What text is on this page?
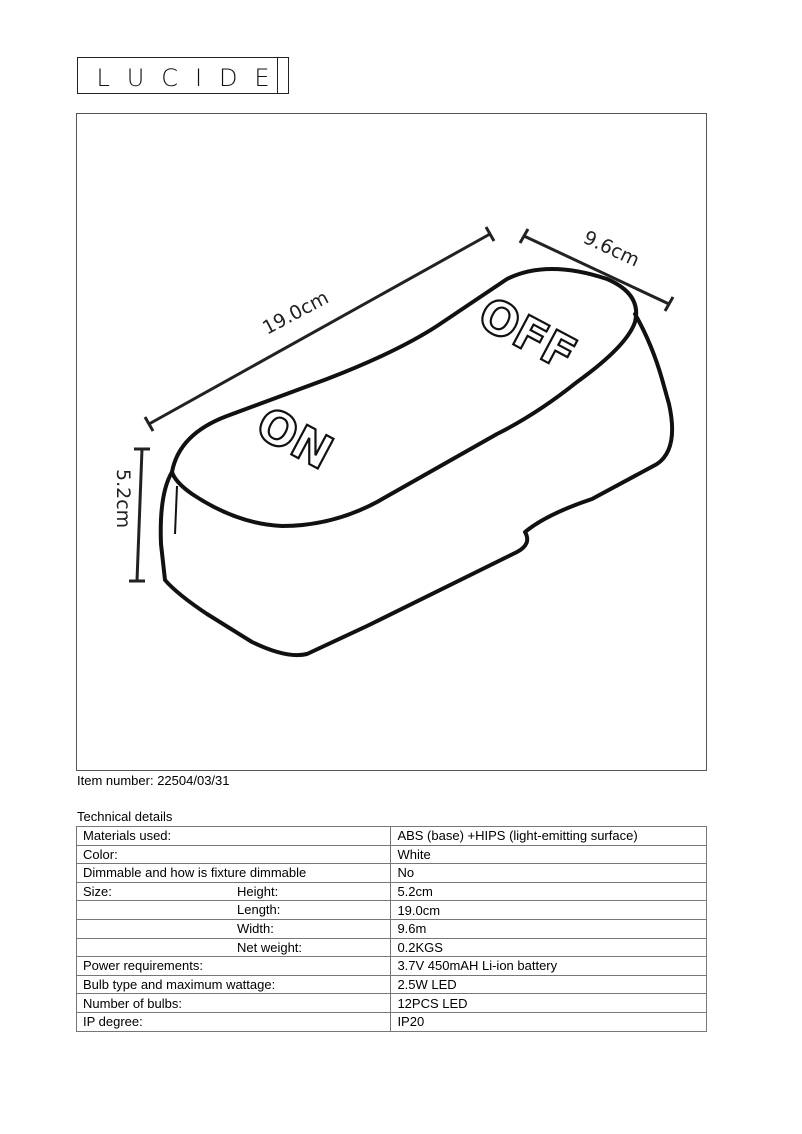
L U C I D E
19.0cm
9.6cm
5.2cm
OFF
ON
Item number: 22504/03/31
Technical details
Materials used:	ABS (base) +HIPS (light-emitting surface)
Color:	White
Dimmable and how is fixture dimmable	No
Size: Height:	5.2cm

Length:	19.0cm

Width:	9.6m

Net weight:	0.2KGS
Power requirements:	3.7V 450mAH Li-ion battery
Bulb type and maximum wattage:	2.5W LED
Number of bulbs:	12PCS LED
IP degree:	IP20
